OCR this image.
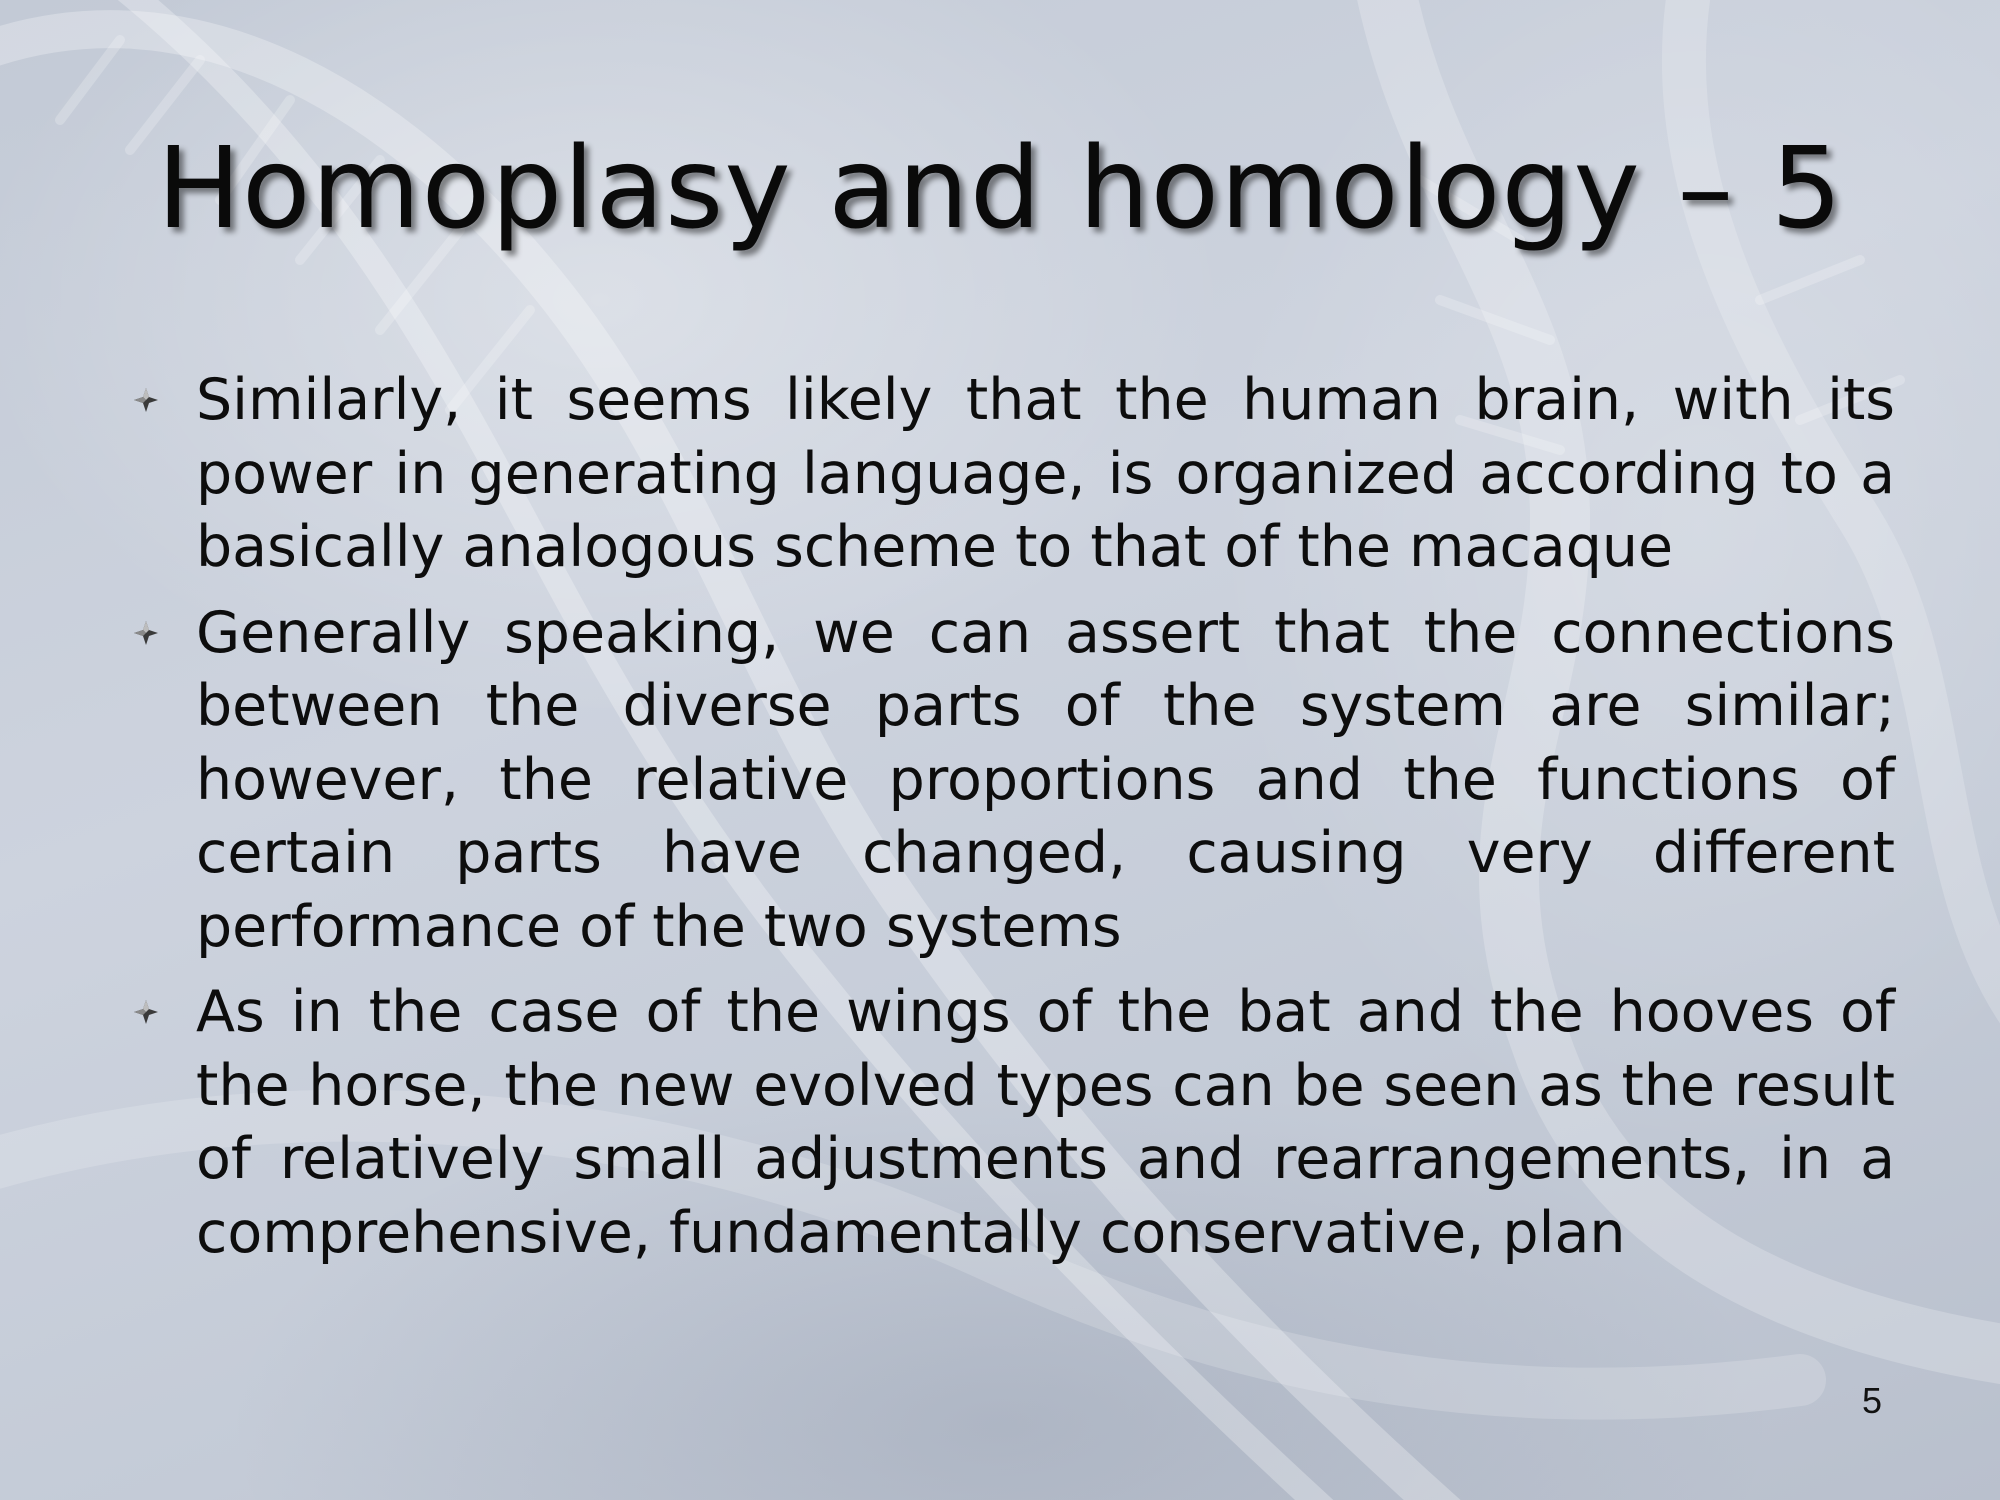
Homoplasy and homology – 5
Similarly, it seems likely that the human brain, with its power in generating language, is organized according to a basically analogous scheme to that of the macaque
Generally speaking, we can assert that the connections between the diverse parts of the system are similar; however, the relative proportions and the functions of certain parts have changed, causing very different performance of the two systems
As in the case of the wings of the bat and the hooves of the horse, the new evolved types can be seen as the result of relatively small adjustments and rearrangements, in a comprehensive, fundamentally conservative, plan
5
